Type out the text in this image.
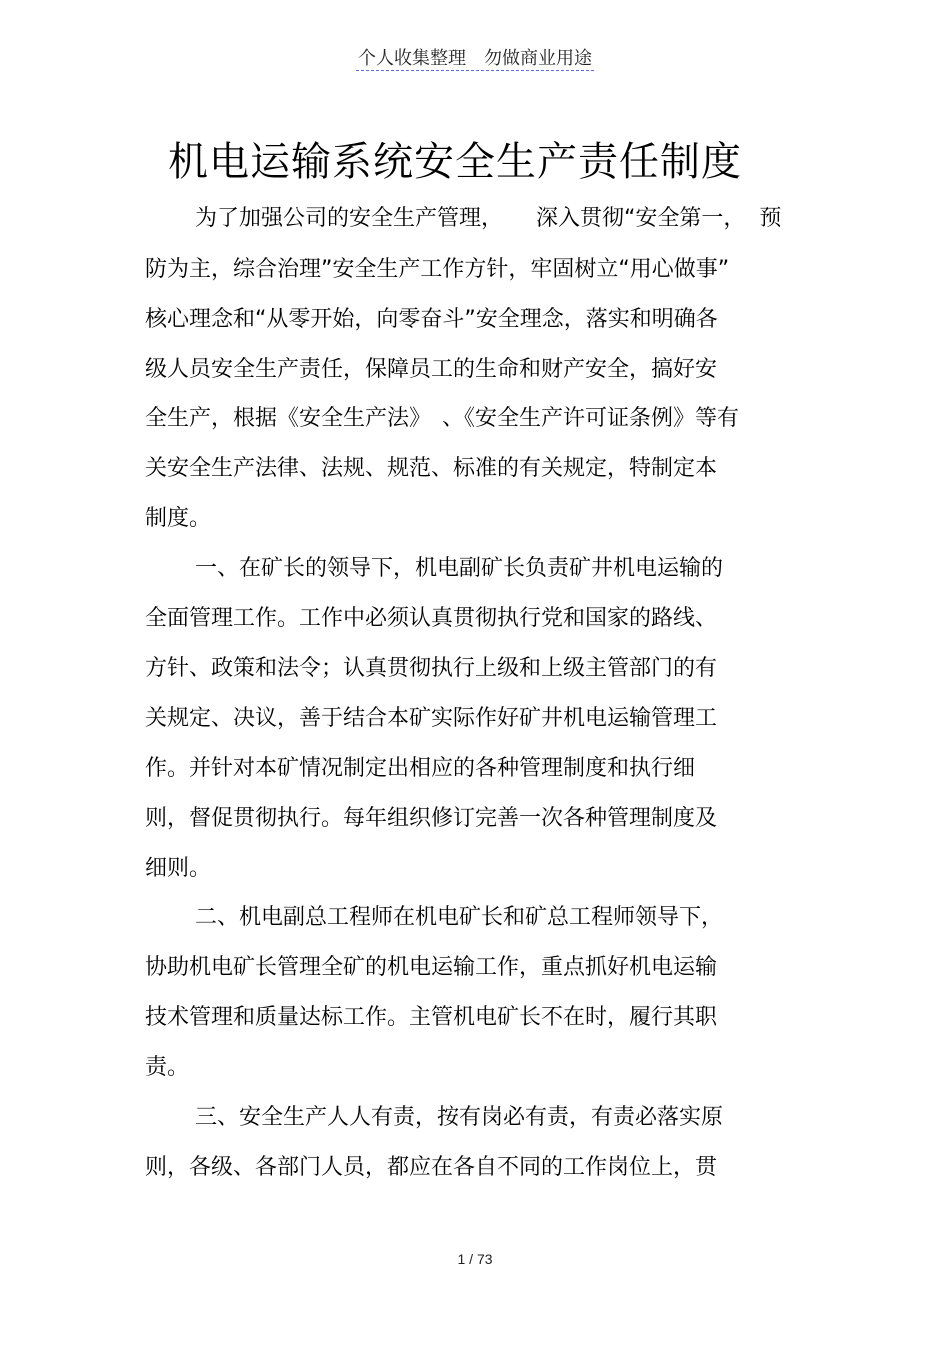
个人收集整理　勿做商业用途
机电运输系统安全生产责任制度
为了加强公司的安全生产管理，　　深入贯彻“安全第一，  预
防为主，综合治理”安全生产工作方针，牢固树立“用心做事”
核心理念和“从零开始，向零奋斗”安全理念，落实和明确各
级人员安全生产责任，保障员工的生命和财产安全，搞好安
全生产，根据《安全生产法》　、《安全生产许可证条例》等有
关安全生产法律、法规、规范、标准的有关规定，特制定本
制度。
一、在矿长的领导下，机电副矿长负责矿井机电运输的
全面管理工作。工作中必须认真贯彻执行党和国家的路线、
方针、政策和法令；认真贯彻执行上级和上级主管部门的有
关规定、决议，善于结合本矿实际作好矿井机电运输管理工
作。并针对本矿情况制定出相应的各种管理制度和执行细
则，督促贯彻执行。每年组织修订完善一次各种管理制度及
细则。
二、机电副总工程师在机电矿长和矿总工程师领导下，
协助机电矿长管理全矿的机电运输工作，重点抓好机电运输
技术管理和质量达标工作。主管机电矿长不在时，履行其职
责。
三、安全生产人人有责，按有岗必有责，有责必落实原
则，各级、各部门人员，都应在各自不同的工作岗位上，贯
1 / 73
